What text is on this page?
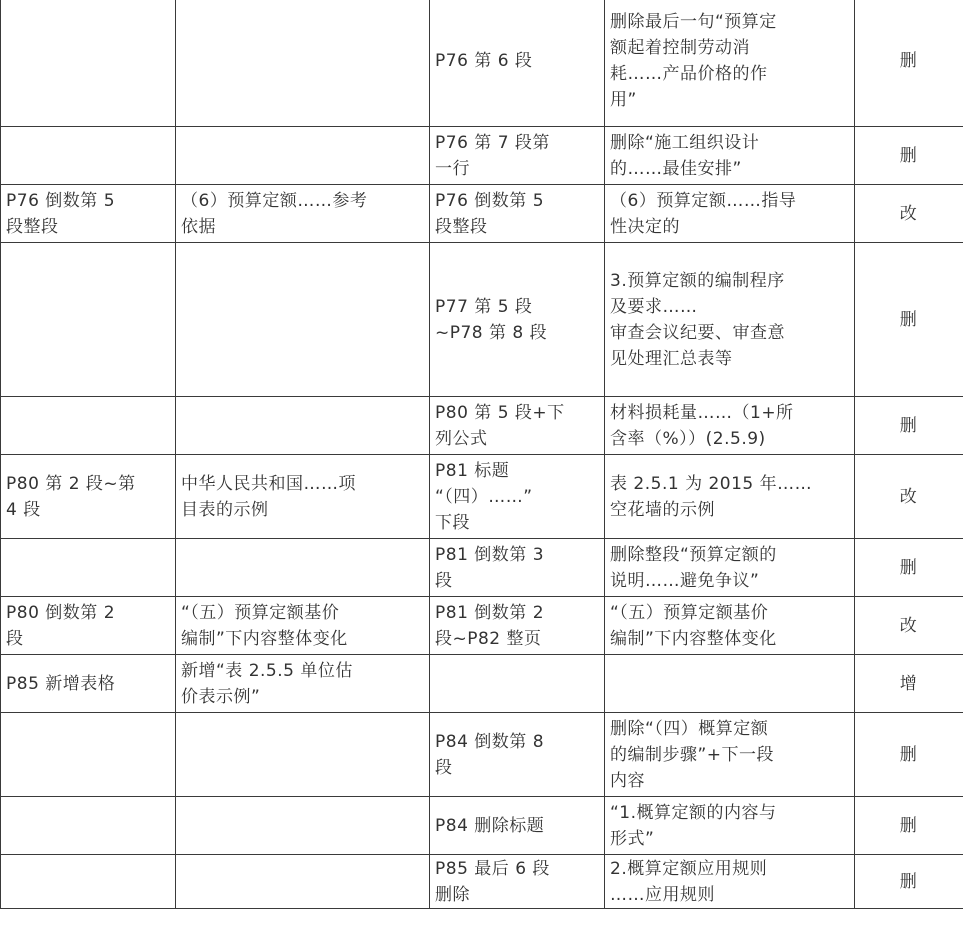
		P76 第 6 段	删除最后一句“预算定
额起着控制劳动消
耗……产品价格的作
用”	删
		P76 第 7 段第
一行	删除“施工组织设计
的……最佳安排”	删
P76 倒数第 5
段整段	（6）预算定额……参考
依据	P76 倒数第 5
段整段	（6）预算定额……指导
性决定的	改
		P77 第 5 段
~P78 第 8 段	3.预算定额的编制程序
及要求……
审查会议纪要、审查意
见处理汇总表等	删
		P80 第 5 段+下
列公式	材料损耗量……（1+所
含率（%））(2.5.9)	删
P80 第 2 段~第
4 段	中华人民共和国……项
目表的示例	P81 标题
“（四）……”
下段	表 2.5.1 为 2015 年……
空花墙的示例	改
		P81 倒数第 3
段	删除整段“预算定额的
说明……避免争议”	删
P80 倒数第 2
段	“（五）预算定额基价
编制”下内容整体变化	P81 倒数第 2
段~P82 整页	“（五）预算定额基价
编制”下内容整体变化	改
P85 新增表格	新增“表 2.5.5 单位估
价表示例”			增
		P84 倒数第 8
段	删除“（四）概算定额
的编制步骤”+下一段
内容	删
		P84 删除标题	“1.概算定额的内容与
形式”	删
		P85 最后 6 段
删除	2.概算定额应用规则
……应用规则	删
